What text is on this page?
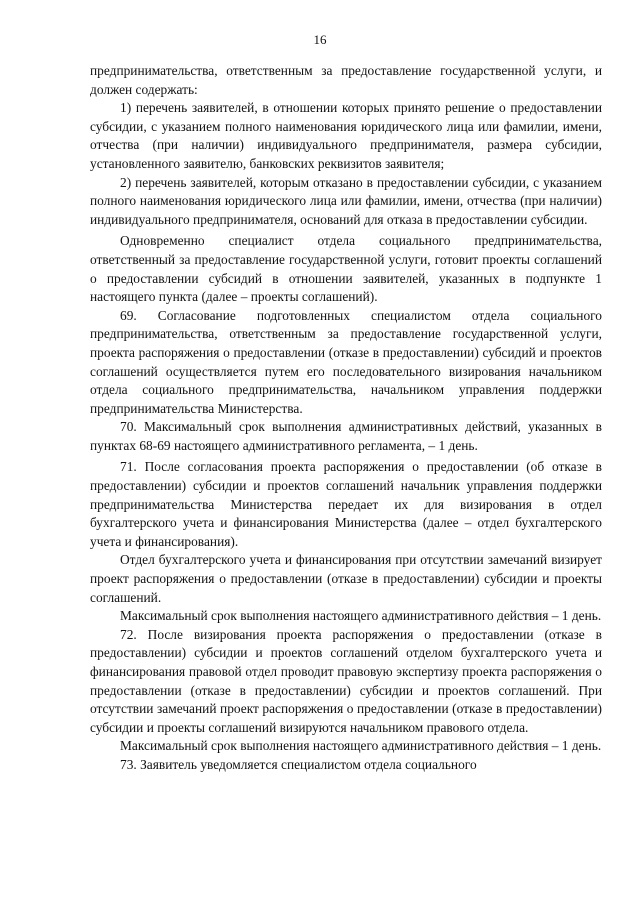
16

предпринимательства, ответственным за предоставление государственной услуги, и должен содержать:

1) перечень заявителей, в отношении которых принято решение о предоставлении субсидии, с указанием полного наименования юридического лица или фамилии, имени, отчества (при наличии) индивидуального предпринимателя, размера субсидии, установленного заявителю, банковских реквизитов заявителя;

2) перечень заявителей, которым отказано в предоставлении субсидии, с указанием полного наименования юридического лица или фамилии, имени, отчества (при наличии) индивидуального предпринимателя, оснований для отказа в предоставлении субсидии.

Одновременно специалист отдела социального предпринимательства, ответственный за предоставление государственной услуги, готовит проекты соглашений о предоставлении субсидий в отношении заявителей, указанных в подпункте 1 настоящего пункта (далее – проекты соглашений).

69. Согласование подготовленных специалистом отдела социального предпринимательства, ответственным за предоставление государственной услуги, проекта распоряжения о предоставлении (отказе в предоставлении) субсидий и проектов соглашений осуществляется путем его последовательного визирования начальником отдела социального предпринимательства, начальником управления поддержки предпринимательства Министерства.

70. Максимальный срок выполнения административных действий, указанных в пунктах 68-69 настоящего административного регламента, – 1 день.

71. После согласования проекта распоряжения о предоставлении (об отказе в предоставлении) субсидии и проектов соглашений начальник управления поддержки предпринимательства Министерства передает их для визирования в отдел бухгалтерского учета и финансирования Министерства (далее – отдел бухгалтерского учета и финансирования).

Отдел бухгалтерского учета и финансирования при отсутствии замечаний визирует проект распоряжения о предоставлении (отказе в предоставлении) субсидии и проекты соглашений.

Максимальный срок выполнения настоящего административного действия – 1 день.

72. После визирования проекта распоряжения о предоставлении (отказе в предоставлении) субсидии и проектов соглашений отделом бухгалтерского учета и финансирования правовой отдел проводит правовую экспертизу проекта распоряжения о предоставлении (отказе в предоставлении) субсидии и проектов соглашений. При отсутствии замечаний проект распоряжения о предоставлении (отказе в предоставлении) субсидии и проекты соглашений визируются начальником правового отдела.

Максимальный срок выполнения настоящего административного действия – 1 день.

73. Заявитель уведомляется специалистом отдела социального
